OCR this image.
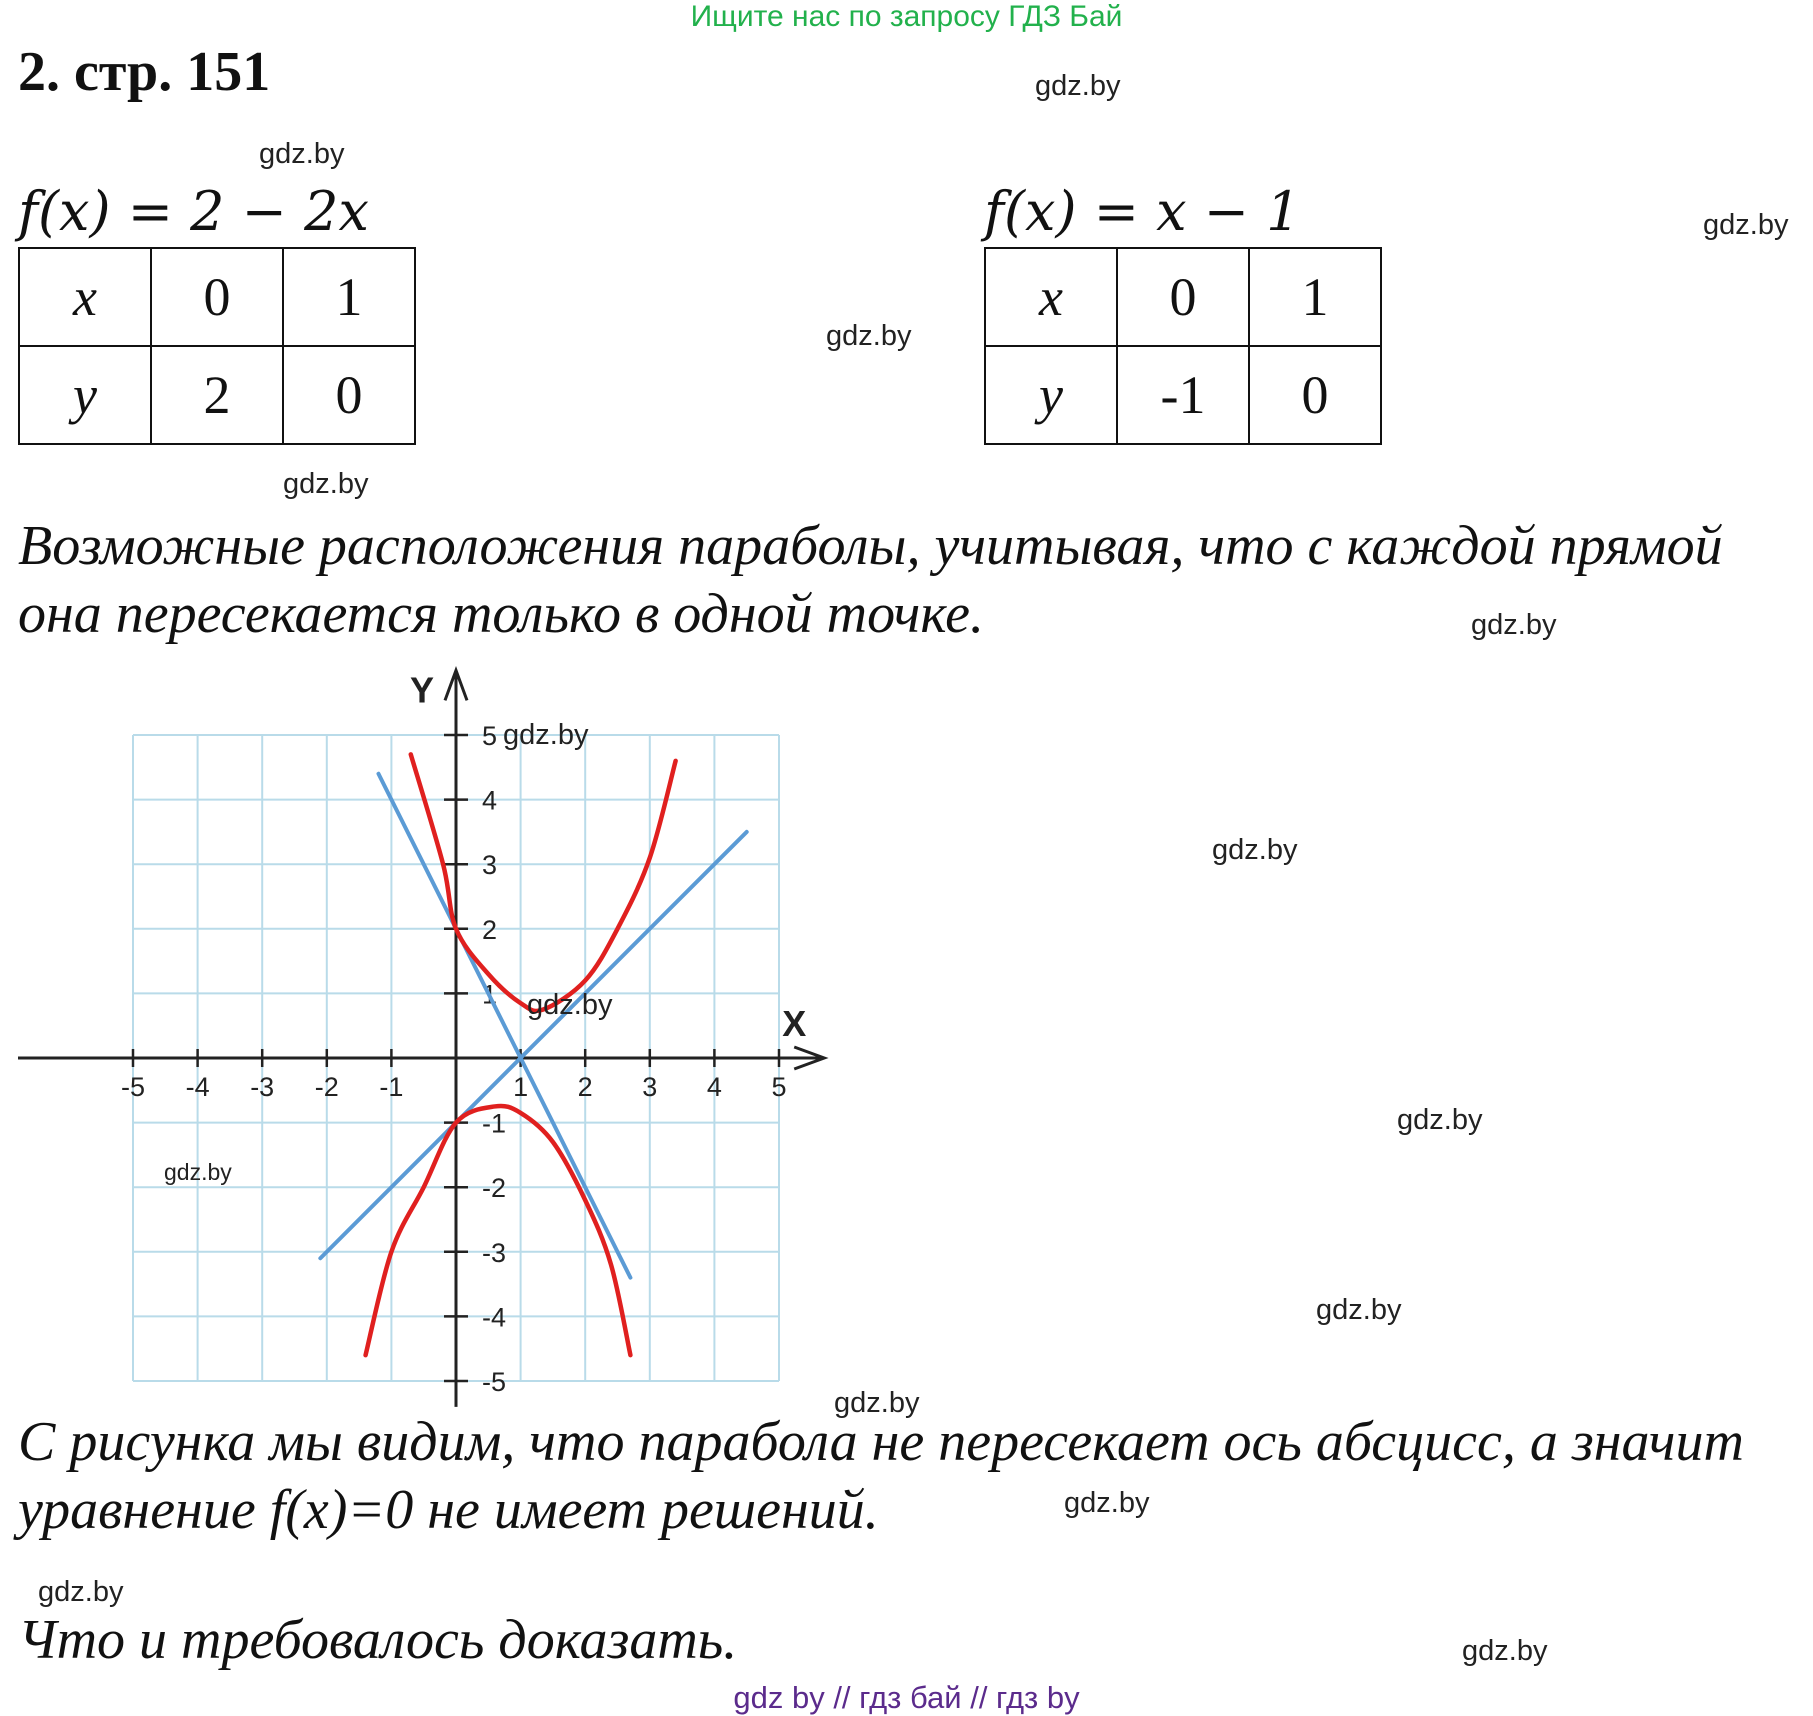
Ищите нас по запросу ГДЗ Бай
2. стр. 151	gdz.by
gdz.by
gdz.by
gdz.by
gdz.by
gdz.by
gdz.by
gdz.by
gdz.by
gdz.by
gdz.by
gdz.by
gdz.by
f(x) = 2 − 2x
x	0	1
y	2	0
f(x) = x − 1
x	0	1
y	-1	0
Возможные расположения параболы, учитывая, что с каждой прямой она пересекается только в одной точке.
X
Y
-5 -4 -3 -2 -1	1 2 3 4 5
5
4
3
2
1
-1
-2
-3
-4
-5
gdz.by
gdz.by
gdz.by
С рисунка мы видим, что парабола не пересекает ось абсцисс, а значит уравнение f(x)=0 не имеет решений.
Что и требовалось доказать.
gdz by // гдз бай // гдз by
